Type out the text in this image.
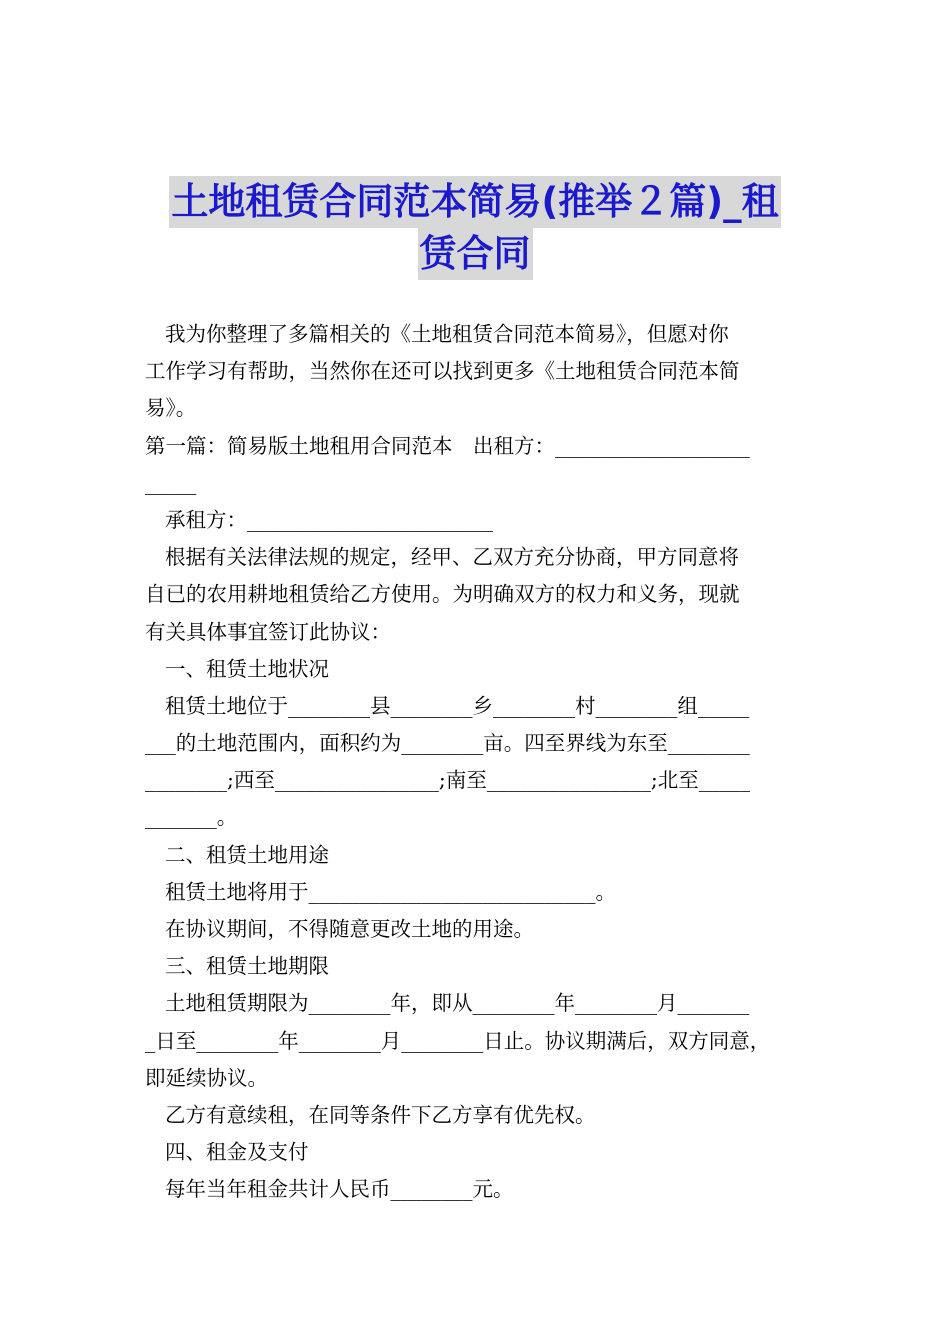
土地租赁合同范本简易(推举２篇)_租
赁合同
我为你整理了多篇相关的《土地租赁合同范本简易》，但愿对你
工作学习有帮助，当然你在还可以找到更多《土地租赁合同范本简
易》。
第一篇：简易版土地租用合同范本　出租方：___________________
_____
承租方：________________________
根据有关法律法规的规定，经甲、乙双方充分协商，甲方同意将
自已的农用耕地租赁给乙方使用。为明确双方的权力和义务，现就
有关具体事宜签订此协议：
一、租赁土地状况
租赁土地位于________县________乡________村________组_____
___的土地范围内，面积约为________亩。四至界线为东至________
________;西至________________;南至________________;北至_____
_______。
二、租赁土地用途
租赁土地将用于____________________________。
在协议期间，不得随意更改土地的用途。
三、租赁土地期限
土地租赁期限为________年，即从________年________月_______
_日至________年________月________日止。协议期满后，双方同意，
即延续协议。
乙方有意续租，在同等条件下乙方享有优先权。
四、租金及支付
每年当年租金共计人民币________元。
